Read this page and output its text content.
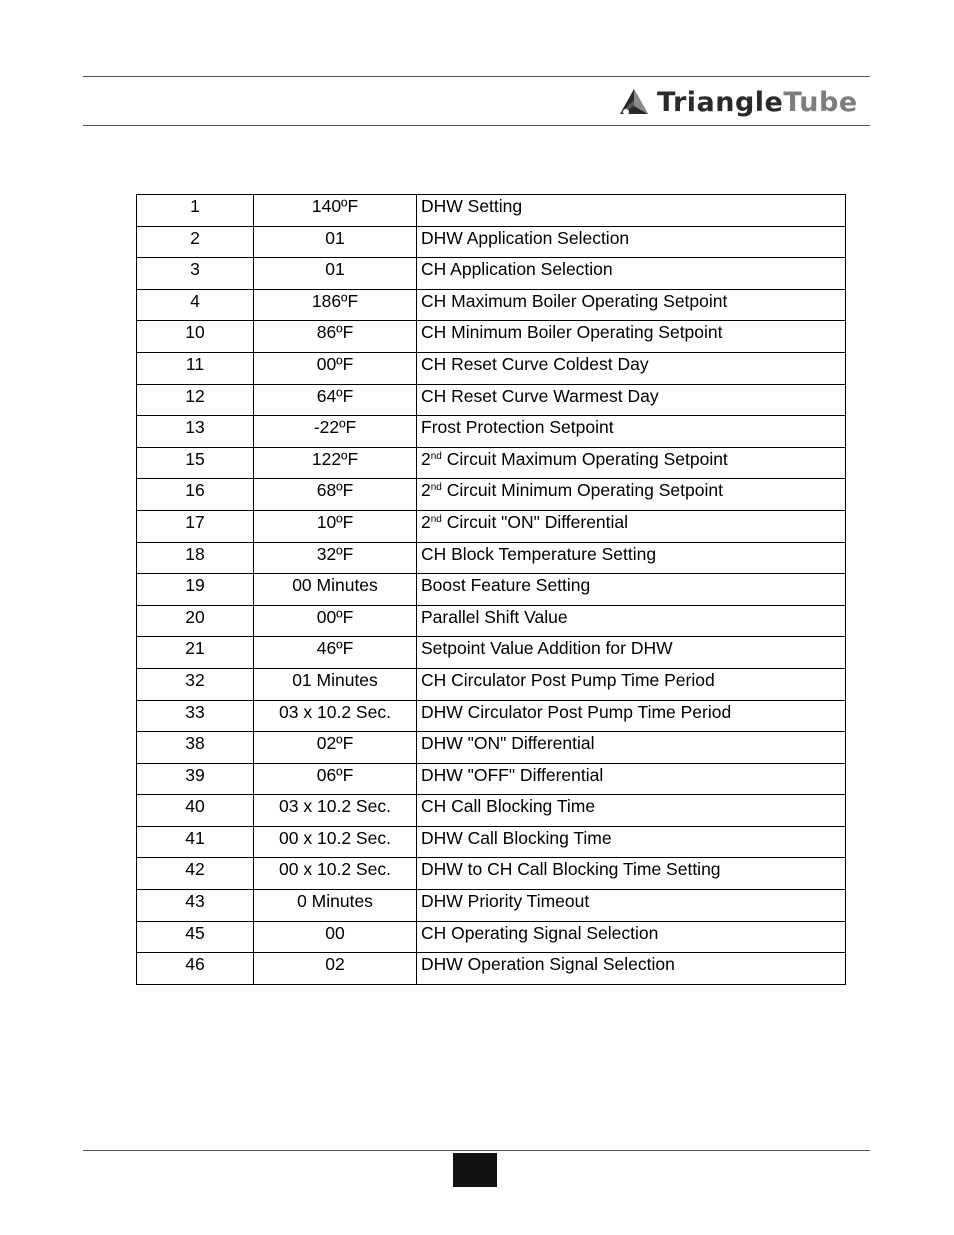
TriangleTube
1	140ºF	DHW Setting
2	01	DHW Application Selection
3	01	CH Application Selection
4	186ºF	CH Maximum Boiler Operating Setpoint
10	86ºF	CH Minimum Boiler Operating Setpoint
11	00ºF	CH Reset Curve Coldest Day
12	64ºF	CH Reset Curve Warmest Day
13	-22ºF	Frost Protection Setpoint
15	122ºF	2nd Circuit Maximum Operating Setpoint
16	68ºF	2nd Circuit Minimum Operating Setpoint
17	10ºF	2nd Circuit "ON" Differential
18	32ºF	CH Block Temperature Setting
19	00 Minutes	Boost Feature Setting
20	00ºF	Parallel Shift Value
21	46ºF	Setpoint Value Addition for DHW
32	01 Minutes	CH Circulator Post Pump Time Period
33	03 x 10.2 Sec.	DHW Circulator Post Pump Time Period
38	02ºF	DHW "ON" Differential
39	06ºF	DHW "OFF" Differential
40	03 x 10.2 Sec.	CH Call Blocking Time
41	00 x 10.2 Sec.	DHW Call Blocking Time
42	00 x 10.2 Sec.	DHW to CH Call Blocking Time Setting
43	0 Minutes	DHW Priority Timeout
45	00	CH Operating Signal Selection
46	02	DHW Operation Signal Selection
